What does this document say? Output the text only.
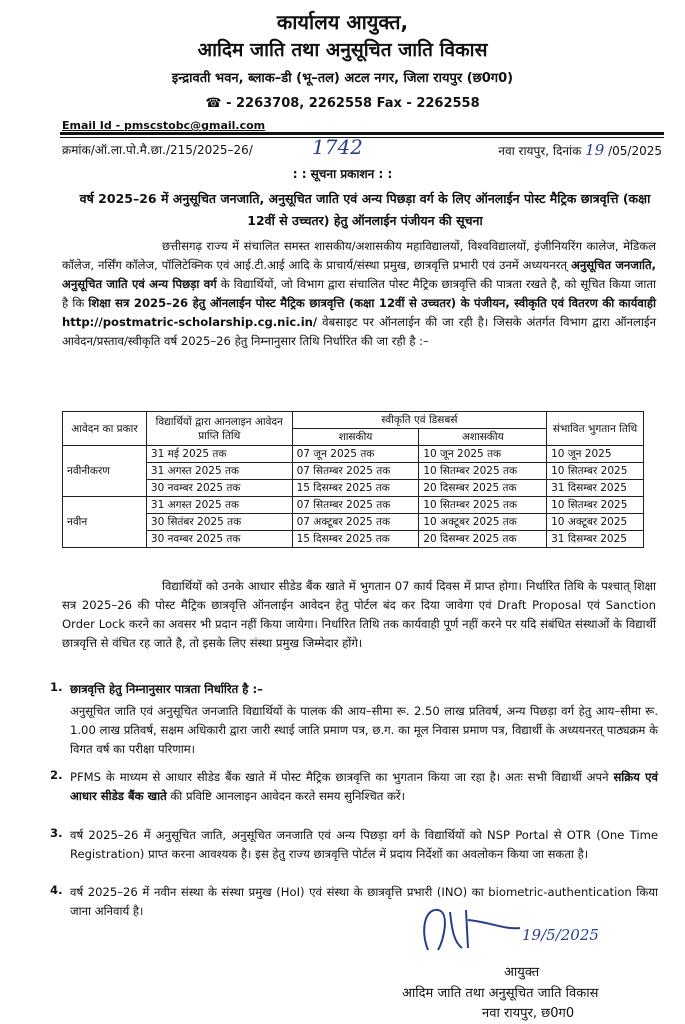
कार्यालय आयुक्त,
आदिम जाति तथा अनुसूचित जाति विकास
इन्द्रावती भवन, ब्लाक–डी (भू–तल) अटल नगर, जिला रायपुर (छ0ग0)
☎ - 2263708, 2262558 Fax - 2262558
Email Id - pmscstobc@gmail.com
क्रमांक/ऑ.ला.पो.मै.छा./215/2025–26/	1742	नवा रायपुर, दिनांक 19 /05/2025
: : सूचना प्रकाशन : :
वर्ष 2025–26 में अनुसूचित जनजाति, अनुसूचित जाति एवं अन्य पिछड़ा वर्ग के लिए ऑनलाईन पोस्ट मैट्रिक छात्रवृत्ति (कक्षा 12वीं से उच्चतर) हेतु ऑनलाईन पंजीयन की सूचना
छत्तीसगढ़ राज्य में संचालित समस्त शासकीय/अशासकीय महाविद्यालयों, विश्वविद्यालयों, इंजीनियरिंग कालेज, मेडिकल कॉलेज, नर्सिंग कॉलेज, पॉलिटेक्निक एवं आई.टी.आई आदि के प्राचार्य/संस्था प्रमुख, छात्रवृत्ति प्रभारी एवं उनमें अध्ययनरत् अनुसूचित जनजाति, अनुसूचित जाति एवं अन्य पिछड़ा वर्ग के विद्यार्थियों, जो विभाग द्वारा संचालित पोस्ट मैट्रिक छात्रवृत्ति की पात्रता रखते है, को सूचित किया जाता है कि शिक्षा सत्र 2025–26 हेतु ऑनलाईन पोस्ट मैट्रिक छात्रवृत्ति (कक्षा 12वीं से उच्चतर) के पंजीयन, स्वीकृति एवं वितरण की कार्यवाही http://postmatric-scholarship.cg.nic.in/ वेबसाइट पर ऑनलाईन की जा रही है। जिसके अंतर्गत विभाग द्वारा ऑनलाईन आवेदन/प्रस्ताव/स्वीकृति वर्ष 2025–26 हेतु निम्नानुसार तिथि निर्धारित की जा रही है :–
आवेदन का प्रकार	विद्यार्थियों द्वारा आनलाइन आवेदन प्राप्ति तिथि	स्वीकृति एवं डिसबर्स		संभावित भुगतान तिथि
		शासकीय	अशासकीय	
नवीनीकरण	31 मई 2025 तक	07 जून 2025 तक	10 जून 2025 तक	10 जून 2025
	31 अगस्त 2025 तक	07 सितम्बर 2025 तक	10 सितम्बर 2025 तक	10 सितम्बर 2025
	30 नवम्बर 2025 तक	15 दिसम्बर 2025 तक	20 दिसम्बर 2025 तक	31 दिसम्बर 2025
नवीन	31 अगस्त 2025 तक	07 सितम्बर 2025 तक	10 सितम्बर 2025 तक	10 सितम्बर 2025
	30 सितंबर 2025 तक	07 अक्टूबर 2025 तक	10 अक्टूबर 2025 तक	10 अक्टूबर 2025
	30 नवम्बर 2025 तक	15 दिसम्बर 2025 तक	20 दिसम्बर 2025 तक	31 दिसम्बर 2025
विद्यार्थियों को उनके आधार सीडेड बैंक खाते में भुगतान 07 कार्य दिवस में प्राप्त होगा। निर्धारित तिथि के पश्चात् शिक्षा सत्र 2025–26 की पोस्ट मैट्रिक छात्रवृत्ति ऑनलाईन आवेदन हेतु पोर्टल बंद कर दिया जावेगा एवं Draft Proposal एवं Sanction Order Lock करने का अवसर भी प्रदान नहीं किया जायेगा। निर्धारित तिथि तक कार्यवाही पूर्ण नहीं करने पर यदि संबंधित संस्थाओं के विद्यार्थी छात्रवृत्ति से वंचित रह जाते है, तो इसके लिए संस्था प्रमुख जिम्मेदार होंगे।
1. छात्रवृत्ति हेतु निम्नानुसार पात्रता निर्धारित है :–
अनुसूचित जाति एवं अनुसूचित जनजाति विद्यार्थियों के पालक की आय–सीमा रू. 2.50 लाख प्रतिवर्ष, अन्य पिछड़ा वर्ग हेतु आय–सीमा रू. 1.00 लाख प्रतिवर्ष, सक्षम अधिकारी द्वारा जारी स्थाई जाति प्रमाण पत्र, छ.ग. का मूल निवास प्रमाण पत्र, विद्यार्थी के अध्ययनरत् पाठ्यक्रम के विगत वर्ष का परीक्षा परिणाम।
2. PFMS के माध्यम से आधार सीडेड बैंक खाते में पोस्ट मैट्रिक छात्रवृत्ति का भुगतान किया जा रहा है। अतः सभी विद्यार्थी अपने सक्रिय एवं आधार सीडेड बैंक खाते की प्रविष्टि आनलाइन आवेदन करते समय सुनिश्चित करें।
3. वर्ष 2025–26 में अनुसूचित जाति, अनुसूचित जनजाति एवं अन्य पिछड़ा वर्ग के विद्यार्थियों को NSP Portal से OTR (One Time Registration) प्राप्त करना आवश्यक है। इस हेतु राज्य छात्रवृत्ति पोर्टल में प्रदाय निर्देशों का अवलोकन किया जा सकता है।
4. वर्ष 2025–26 में नवीन संस्था के संस्था प्रमुख (HoI) एवं संस्था के छात्रवृत्ति प्रभारी (INO) का biometric-authentication किया जाना अनिवार्य है।
19/5/2025
आयुक्त
आदिम जाति तथा अनुसूचित जाति विकास
नवा रायपुर, छ0ग0
